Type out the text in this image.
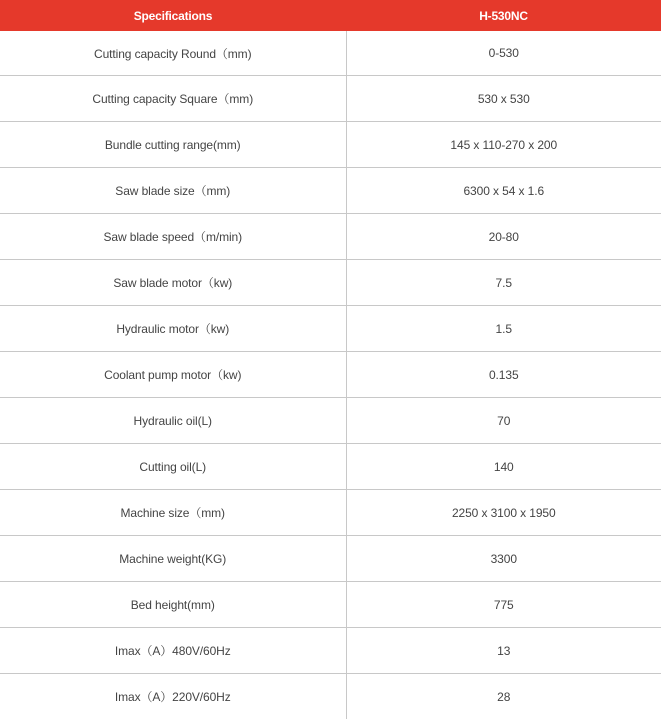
Specifications	H-530NC
Cutting capacity Round（mm)	0-530
Cutting capacity Square（mm)	530 x 530
Bundle cutting range(mm)	145 x 110-270 x 200
Saw blade size（mm)	6300 x 54 x 1.6
Saw blade speed（m/min)	20-80
Saw blade motor（kw)	7.5
Hydraulic motor（kw)	1.5
Coolant pump motor（kw)	0.135
Hydraulic oil(L)	70
Cutting oil(L)	140
Machine size（mm)	2250 x 3100 x 1950
Machine weight(KG)	3300
Bed height(mm)	775
Imax（A）480V/60Hz	13
Imax（A）220V/60Hz	28
